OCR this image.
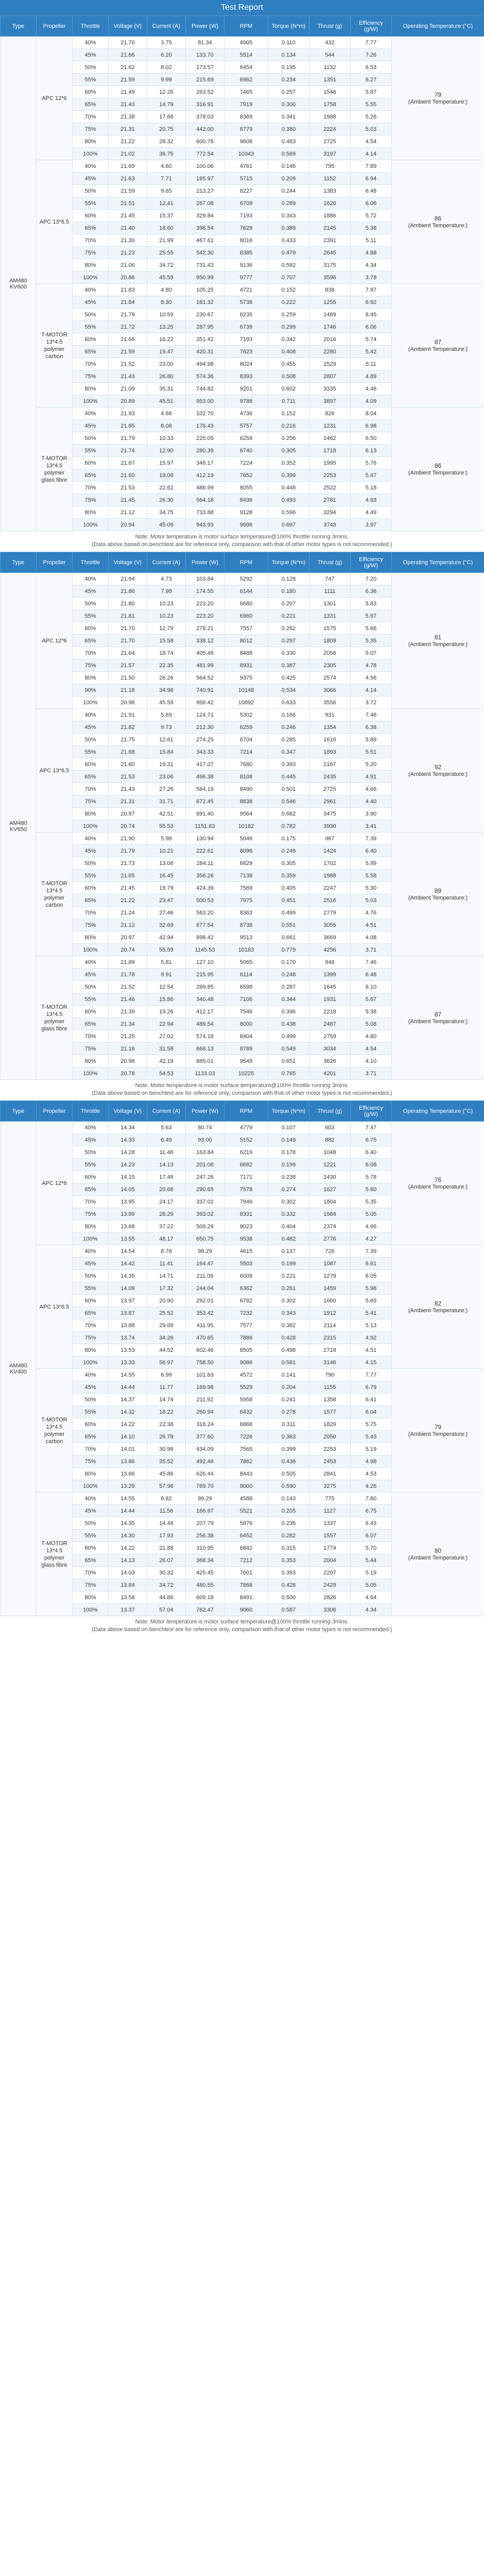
Test Report
Type	Propeller	Throttle	Voltage (V)	Current (A)	Power (W)	RPM	Torque (N*m)	Thrust (g)	Efficiency (g/W)	Operating Temperature (°C)
AM480 KV600	APC 12*6	40%	21.70	3.75	81.34	4905	0.110	432	7.77	79
(Ambient Temperature:)
		45%	21.66	6.20	133.70	5514	0.134	544	7.26	
		50%	21.62	8.02	173.57	6454	0.195	1132	6.53	
		55%	21.59	9.99	215.69	6962	0.234	1351	6.27	
		60%	21.49	12.26	263.52	7465	0.257	1546	5.87	
		65%	21.43	14.79	316.91	7919	0.300	1758	5.55	
		70%	21.38	17.68	378.03	8369	0.341	1988	5.26	
		75%	21.31	20.75	442.00	8779	0.380	2224	5.03	
		80%	21.22	28.32	600.76	9608	0.483	2725	4.54	
		100%	21.02	36.75	772.54	10343	0.569	3197	4.14	
	APC 13*6.5	40%	21.69	4.60	100.06	4761	0.146	795	7.89	86
(Ambient Temperature:)
		45%	21.63	7.71	165.97	5715	0.209	1152	6.94	
		50%	21.59	9.65	213.27	6227	0.244	1383	6.48	
		55%	21.51	12.41	267.08	6709	0.289	1620	6.06	
		60%	21.45	15.37	329.84	7193	0.343	1886	5.72	
		65%	21.40	18.60	398.54	7629	0.389	2145	5.38	
		70%	21.30	21.99	467.61	8016	0.433	2391	5.11	
		75%	21.23	25.55	542.30	8385	0.479	2645	4.88	
		80%	21.06	34.72	731.43	9136	0.592	3175	4.34	
		100%	20.86	45.59	950.99	9777	0.707	3596	3.78	
	T-MOTOR 13*4.5 polymer carbon	40%	21.83	4.80	105.25	4721	0.152	838	7.97	87
(Ambient Temperature:)
		45%	21.84	8.30	181.32	5738	0.222	1255	6.92	
		50%	21.79	10.59	230.67	6235	0.259	1489	6.45	
		55%	21.72	13.25	287.95	6739	0.299	1746	6.06	
		60%	21.66	16.22	351.42	7193	0.342	2016	5.74	
		65%	21.59	19.47	420.31	7623	0.408	2280	5.42	
		70%	21.52	23.00	494.98	8024	0.455	2529	5.11	
		75%	21.43	26.80	574.36	8393	0.508	2807	4.89	
		80%	21.09	35.31	744.82	9201	0.602	3335	4.48	
		100%	20.89	45.51	953.00	9786	0.711	3897	4.09	
	T-MOTOR 13*4.5 polymer glass fibre	40%	21.93	4.68	102.70	4736	0.152	826	8.04	86
(Ambient Temperature:)
		45%	21.85	8.08	176.43	5757	0.216	1231	6.98	
		50%	21.79	10.33	225.09	6259	0.256	1462	6.50	
		55%	21.74	12.90	280.39	6740	0.305	1718	6.13	
		60%	21.67	15.97	346.17	7224	0.352	1995	5.76	
		65%	21.60	19.08	412.19	7652	0.399	2253	5.47	
		70%	21.53	22.62	486.99	8055	0.448	2522	5.18	
		75%	21.45	26.30	564.18	8436	0.493	2781	4.93	
		80%	21.12	34.75	733.88	9128	0.596	3294	4.49	
		100%	20.94	45.09	943.93	9696	0.697	3743	3.97	
Note: Motor temperature is motor surface temperature@100% throttle running 3mins.
(Data above based on benchtest are for reference only, comparison with that of other motor types is not recommended.)
Type	Propeller	Throttle	Voltage (V)	Current (A)	Power (W)	RPM	Torque (N*m)	Thrust (g)	Efficiency (g/W)	Operating Temperature (°C)
AM480 KV650	APC 12*6	40%	21.94	4.73	103.84	5292	0.128	747	7.20	81
(Ambient Temperature:)
		45%	21.86	7.98	174.55	6144	0.180	1111	6.36	
		50%	21.80	10.23	223.20	6680	0.207	1301	5.83	
		55%	21.81	10.23	223.20	6960	0.221	1331	5.97	
		60%	21.70	12.79	278.21	7557	0.262	1575	5.66	
		65%	21.70	15.58	338.12	8012	0.297	1809	5.35	
		70%	21.64	18.74	405.46	8488	0.330	2056	5.07	
		75%	21.57	22.35	481.99	8931	0.387	2305	4.78	
		80%	21.50	26.26	564.52	9375	0.425	2574	4.56	
		90%	21.18	34.98	740.91	10148	0.534	3066	4.14	
		100%	20.98	45.59	956.42	10892	0.633	3556	3.72	
	APC 13*6.5	40%	21.91	5.69	124.71	5302	0.166	931	7.46	92
(Ambient Temperature:)
		45%	21.82	9.73	212.30	6259	0.246	1354	6.38	
		50%	21.75	12.61	274.25	6704	0.285	1616	5.89	
		55%	21.68	15.84	343.33	7214	0.347	1893	5.51	
		60%	21.60	19.31	417.07	7680	0.393	2167	5.20	
		65%	21.53	23.06	496.38	8108	0.445	2435	4.91	
		70%	21.43	27.26	584.19	8490	0.501	2725	4.66	
		75%	21.31	31.71	672.45	8838	0.546	2961	4.40	
		80%	20.97	42.51	891.40	9564	0.662	3475	3.90	
		100%	20.74	55.53	1151.83	10182	0.782	3930	3.41	
	T-MOTOR 13*4.5 polymer carbon	40%	21.90	5.98	130.94	5049	0.175	967	7.39	89
(Ambient Temperature:)
		45%	21.79	10.21	222.61	6096	0.249	1424	6.40	
		50%	21.73	13.08	284.11	6629	0.305	1702	5.99	
		55%	21.65	16.45	356.26	7138	0.359	1988	5.58	
		60%	21.45	19.79	424.39	7569	0.405	2247	5.30	
		65%	21.22	23.47	500.53	7975	0.451	2516	5.03	
		70%	21.24	27.46	583.20	8363	0.499	2779	4.76	
		75%	21.12	32.69	677.54	8738	0.551	3055	4.51	
		80%	20.97	42.94	898.42	9513	0.661	3669	4.08	
		100%	20.74	55.59	1145.53	10183	0.779	4256	3.71	
	T-MOTOR 13*4.5 polymer glass fibre	40%	21.89	5.81	127.10	5065	0.170	948	7.46	87
(Ambient Temperature:)
		45%	21.78	9.91	215.95	6114	0.248	1399	6.48	
		50%	21.52	12.54	269.85	6598	0.287	1645	6.10	
		55%	21.46	15.86	340.48	7106	0.344	1931	5.67	
		60%	21.39	19.26	412.17	7546	0.396	2218	5.38	
		65%	21.34	22.94	489.54	8000	0.438	2487	5.08	
		70%	21.25	27.02	574.18	8404	0.499	2759	4.80	
		75%	21.16	31.58	668.13	8789	0.549	3034	4.54	
		80%	20.98	42.19	885.01	9549	0.651	3626	4.10	
		100%	20.78	54.53	1133.03	10225	0.765	4201	3.71	
Note: Motor temperature is motor surface temperature@100% throttle running 3mins.
(Data above based on benchtest are for reference only, comparison with that of other motor types is not recommended.)
Type	Propeller	Throttle	Voltage (V)	Current (A)	Power (W)	RPM	Torque (N*m)	Thrust (g)	Efficiency (g/W)	Operating Temperature (°C)
AM480 KV400	APC 12*6	40%	14.34	5.63	80.74	4779	0.107	603	7.47	76
(Ambient Temperature:)
		45%	14.33	6.49	93.00	5152	0.149	882	6.75	
		50%	14.28	11.48	163.84	6219	0.178	1048	6.40	
		55%	14.23	14.13	201.08	6682	0.199	1221	6.08	
		60%	14.15	17.48	247.26	7171	0.238	1430	5.78	
		65%	14.05	20.68	290.65	7578	0.274	1627	5.60	
		70%	13.95	24.17	337.02	7949	0.302	1804	5.35	
		75%	13.89	28.29	393.02	8331	0.332	1984	5.05	
		80%	13.68	37.22	509.29	9023	0.404	2374	4.66	
		100%	13.55	48.17	650.75	9538	0.482	2776	4.27	
	APC 13*6.5	40%	14.54	6.76	98.29	4615	0.137	726	7.39	82
(Ambient Temperature:)
		45%	14.42	11.41	164.47	5503	0.199	1087	6.61	
		50%	14.35	14.71	211.09	6009	0.221	1279	6.05	
		55%	14.09	17.32	244.04	6362	0.261	1459	5.98	
		60%	13.97	20.90	292.01	6782	0.302	1660	5.69	
		65%	13.87	25.52	353.42	7232	0.343	1912	5.41	
		70%	13.88	29.68	411.95	7577	0.382	2114	5.13	
		75%	13.74	34.26	470.65	7886	0.428	2315	4.92	
		80%	13.53	44.52	602.46	8505	0.498	2718	4.51	
		100%	13.33	56.97	758.50	9086	0.581	3146	4.15	
	T-MOTOR 13*4.5 polymer carbon	40%	14.55	6.99	101.63	4572	0.141	790	7.77	79
(Ambient Temperature:)
		45%	14.44	11.77	169.98	5529	0.204	1155	6.79	
		50%	14.37	14.74	211.92	5958	0.241	1358	6.41	
		55%	14.32	18.22	260.94	6432	0.278	1577	6.04	
		60%	14.22	22.38	318.24	6868	0.311	1829	5.75	
		65%	14.10	26.78	377.60	7226	0.363	2050	5.43	
		70%	14.01	30.98	434.09	7565	0.399	2253	5.19	
		75%	13.86	35.52	492.46	7862	0.436	2453	4.98	
		80%	13.66	45.86	626.44	8443	0.505	2841	4.53	
		100%	13.29	57.98	769.70	9000	0.590	3275	4.26	
	T-MOTOR 13*4.5 polymer glass fibre	40%	14.55	6.82	99.29	4588	0.143	775	7.80	80
(Ambient Temperature:)
		45%	14.44	11.56	166.97	5521	0.205	1127	6.75	
		50%	14.35	14.48	207.79	5976	0.236	1337	6.43	
		55%	14.30	17.93	256.38	6452	0.282	1557	6.07	
		60%	14.22	21.88	310.95	6842	0.315	1774	5.70	
		65%	14.13	26.07	368.34	7212	0.353	2004	5.44	
		70%	14.03	30.32	425.45	7601	0.393	2207	5.19	
		75%	13.84	34.72	480.55	7868	0.428	2429	5.05	
		80%	13.58	44.86	609.18	8491	0.500	2826	4.64	
		100%	13.37	57.04	762.47	9060	0.587	3306	4.34	
Note: Motor temperature is motor surface temperature@100% throttle running 3mins.
(Data above based on benchtest are for reference only, comparison with that of other motor types is not recommended.)
